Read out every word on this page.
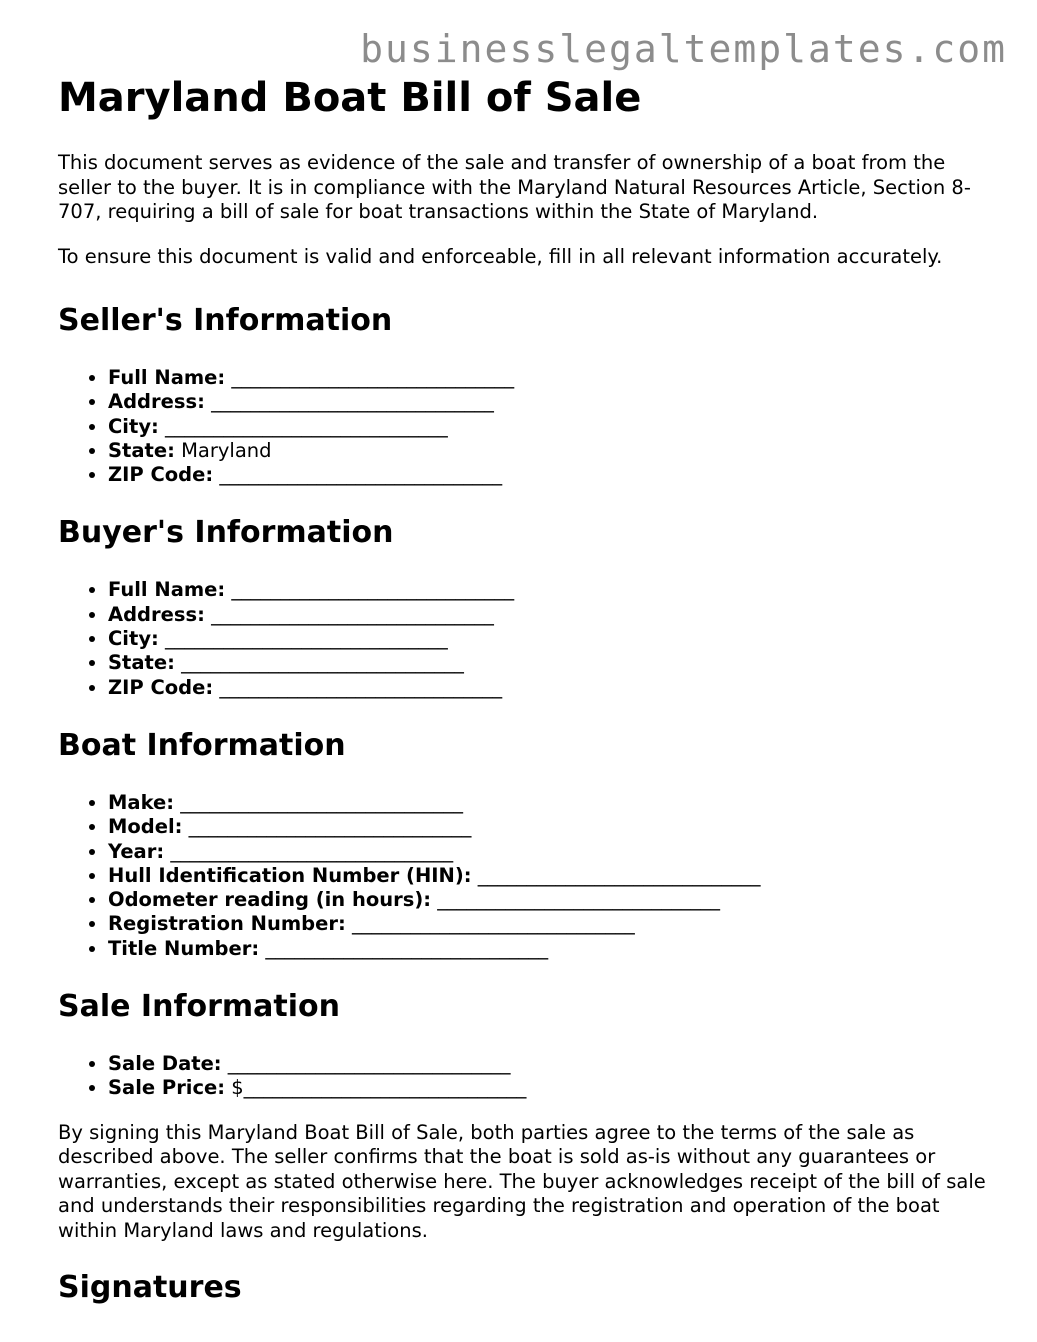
businesslegaltemplates.com
Maryland Boat Bill of Sale

This document serves as evidence of the sale and transfer of ownership of a boat from the seller to the buyer. It is in compliance with the Maryland Natural Resources Article, Section 8-707, requiring a bill of sale for boat transactions within the State of Maryland.

To ensure this document is valid and enforceable, fill in all relevant information accurately.

Seller's Information
• Full Name: _____________________________
• Address: _____________________________
• City: _____________________________
• State: Maryland
• ZIP Code: _____________________________
Buyer's Information
• Full Name: _____________________________
• Address: _____________________________
• City: _____________________________
• State: _____________________________
• ZIP Code: _____________________________
Boat Information
• Make: _____________________________
• Model: _____________________________
• Year: _____________________________
• Hull Identification Number (HIN): _____________________________
• Odometer reading (in hours): _____________________________
• Registration Number: _____________________________
• Title Number: _____________________________
Sale Information
• Sale Date: _____________________________
• Sale Price: $_____________________________

By signing this Maryland Boat Bill of Sale, both parties agree to the terms of the sale as described above. The seller confirms that the boat is sold as-is without any guarantees or warranties, except as stated otherwise here. The buyer acknowledges receipt of the bill of sale and understands their responsibilities regarding the registration and operation of the boat within Maryland laws and regulations.

Signatures
